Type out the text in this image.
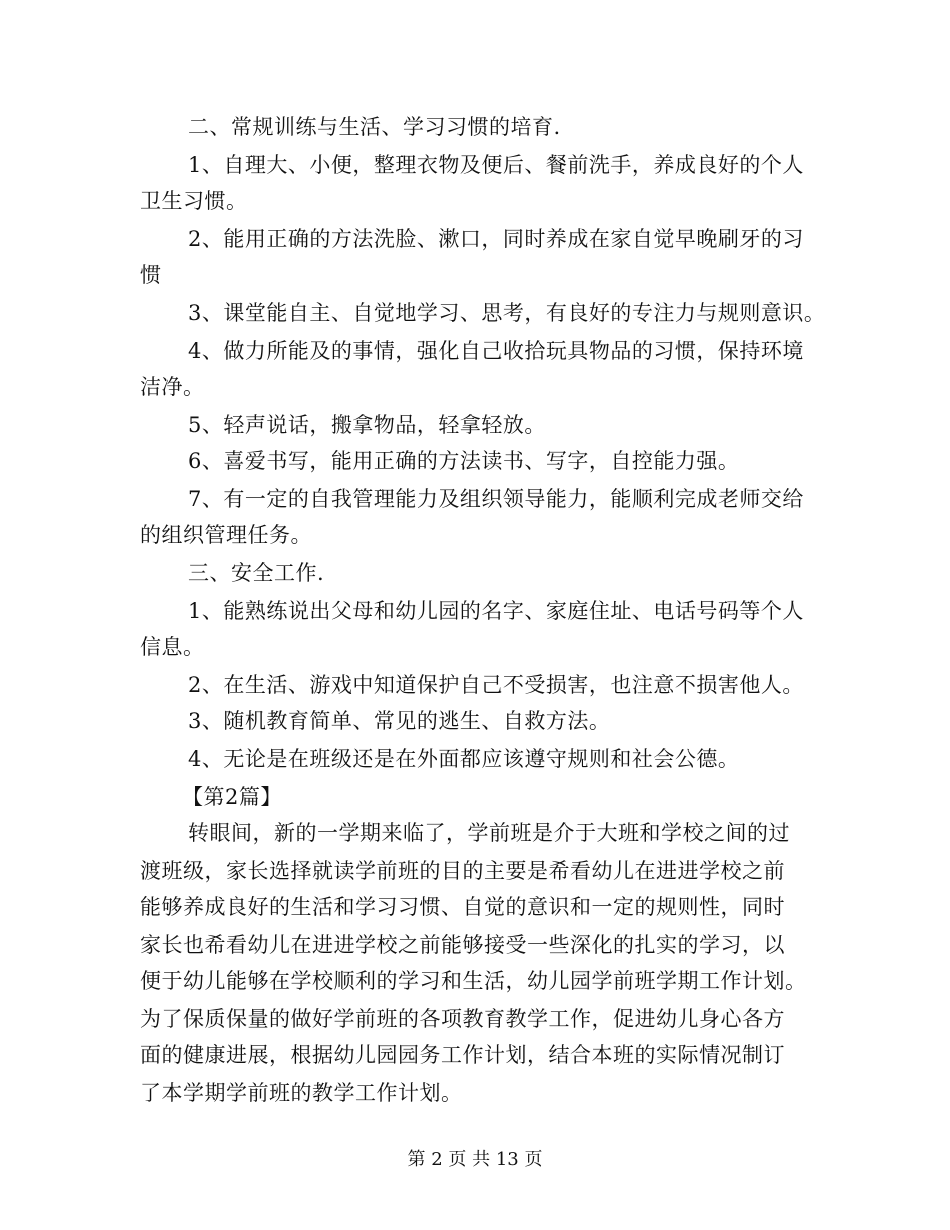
二、常规训练与生活、学习习惯的培育.
1、自理大、小便，整理衣物及便后、餐前洗手，养成良好的个人
卫生习惯。
2、能用正确的方法洗脸、漱口，同时养成在家自觉早晚刷牙的习
惯
3、课堂能自主、自觉地学习、思考，有良好的专注力与规则意识。
4、做力所能及的事情，强化自己收拾玩具物品的习惯，保持环境
洁净。
5、轻声说话，搬拿物品，轻拿轻放。
6、喜爱书写，能用正确的方法读书、写字，自控能力强。
7、有一定的自我管理能力及组织领导能力，能顺利完成老师交给
的组织管理任务。
三、安全工作.
1、能熟练说出父母和幼儿园的名字、家庭住址、电话号码等个人
信息。
2、在生活、游戏中知道保护自己不受损害，也注意不损害他人。
3、随机教育简单、常见的逃生、自救方法。
4、无论是在班级还是在外面都应该遵守规则和社会公德。
【第2篇】
转眼间，新的一学期来临了，学前班是介于大班和学校之间的过
渡班级，家长选择就读学前班的目的主要是希看幼儿在进进学校之前
能够养成良好的生活和学习习惯、自觉的意识和一定的规则性，同时
家长也希看幼儿在进进学校之前能够接受一些深化的扎实的学习，以
便于幼儿能够在学校顺利的学习和生活，幼儿园学前班学期工作计划。
为了保质保量的做好学前班的各项教育教学工作，促进幼儿身心各方
面的健康进展，根据幼儿园园务工作计划，结合本班的实际情况制订
了本学期学前班的教学工作计划。
第 2 页 共 13 页
